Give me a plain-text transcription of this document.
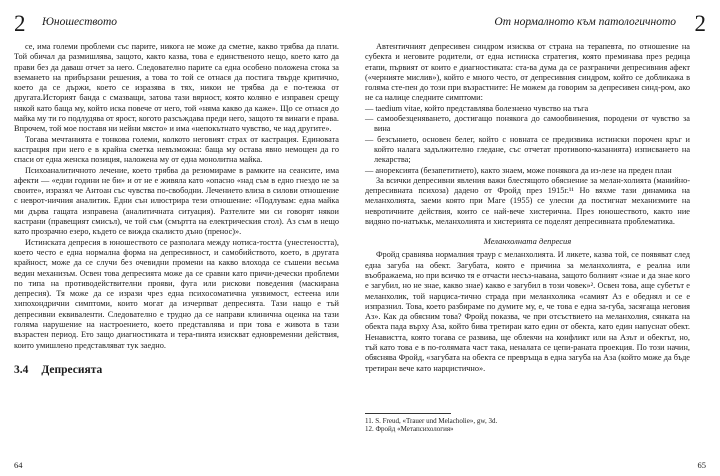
2	Юношеството	От нормалното към патологичното 2

се, има големи проблеми със парите, никога не може да сметне, какво трябва да плати. Той обичал да размишлява, защото, както казва, това е единственото нещо, което като да прави без да даваш отчет за него. Следователно парите са една особено положена стока за вземането на прибързани решения, а това то той се отнася да постига твърде критично, което да се държи, което се изразява в тях, никои не трябва да е по-тежка от другата.Историят банда с смазващи, затова тази вярност, която коляно е изправен срещу някой като баща му, който иска повече от него, той «няма какво да каже». Що се отнася до майка му ти го подлудява от ярост, когото разсъждава преди него, защото тя винаги е права. Впрочем, той мое поставя ни нейни място» и има «непокътнато чувство, че над другите».

Тогава мечтанията е тонкова големи, колкото неговият страх от кастрация. Единовата кастрация при него е в крайна сметка невъзможна: баща му остава явно немощен да го спаси от една женска позиция, наложена му от една монолитна майка.

Психоаналитичното лечение, което трябва да резюмираме в рамките на сеансите, има афекти — «едни години не би» и от не е живяла като «опасно «над съм в едно гнездо не за своите», изразял че Антоан със чувства по-свободни. Лечението влиза в силови отношение с неврот-ничния аналитик. Едни сън илюстрира тези отношение: «Подлувам: една майка ми дърва гащата изправена (аналитичната ситуация). Разтелите ми си говорят някои кастрани (правещият смисъл), че той съм (смъртта на електрическия стол). Аз съм в нещо като прозрачно езеро, където се вижда скалисто дъно (пренос)».

Истинската депресия в юношеството се разполага между нотиса-тостта (унестеността), което често е една нормална форма на депресивност, и самобийството, което, в другата крайност, може да се случи без очевидни промени на какво влохода се съшени весьма ведин механизъм. Освен това депресията може да се сравни като причи-дечески проблеми по типа на противодействителни прояви, фуга или рискови поведения (маскирана депресия). Тя може да се изрази чрез една психосоматична уязвимост, естеена или хипохондрични симптоми, които могат да изчерпват депресията. Тази нащо е тъй депресивни еквиваленти. Следователно е трудно да се направи клинична оценка на тази голяма нарушение на настроението, което представлява и при това е живота в тази възрастен период. Ето защо диагностиката и тера-пията изискват едновременни действия, които умишлено представляват тук заедно.

3.4 Депресията

Автентичният депресивен синдром изисква от страна на терапевта, по отношение на субекта и неговите родители, от една истинска стратегия, която преминава през редица етапи, първият от които е диагностиката: ста-ва дума да се разграничи депресивния афект («чернияте мислив»), който е много често, от депресивния синдром, който се добликажа в голяма сте-пен до този при възрастните: Не можем да говорим за депресивен синд-ром, ако не са налице следните симптоми:

— taedium vitae, който представлява болезнено чувство на тъга

— самообезценяването, достигащо понякога до самообвинения, породени от чувство за вина

— безсънието, основен белег, който с новната се предизвика истински порочен кръг и който налага задължително гледане, със отчетат противопо-казанията) изписването на лекарства;

— анорексията (безапетитието), както знаем, може понякога да из-лезе на преден план

За всички депресивни явления важи блестящото обяснение за мелан-холията (манийно-депресивната психоза) дадено от Фройд през 1915г.¹¹ Но вяхме тази динамика на меланхолията, заеми която при Маге (1955) се улесни да постигнат механизмите на невротичните действия, които се най-вече хистерична. През юношеството, както ние видяно по-натъкък, меланхолията и хистерията се поделят депресивната проблематика.

Меланхолната депресия

Фройд сравнява нормалния траур с меланхолията. И ликете, казва той, се появяват след една загуба на обект. Загубата, която е причина за меланхолията, е реална или въображаема, но при всичко тя е отчасти несъз-навана, защото болният «знае и да знае кого е загубил, но не знае, какво знае) какво е загубил в този човек»². Освен това, аще субетът е меланхолик, той нарциса-тично страда при меланхолика «самият Аз е обеднял и се е изпразнил. Това, което разбираме по думите му, е, че това е една за-губа, засягаща неговия Аз». Как да обясним това? Фройд показва, че при отсъствието на меланхолия, сянката на обекта пада върху Аза, който бива третиран като един от обекта, като един напуснат обект. Ненавистта, която тогава се развива, ще облекчи на конфликт или на Азът и обектът, но, тъй като това е в по-голямата част така, неналата се цепи-раната проекция. По този начин, обяснява Фройд, «загубата на обекта се превръща в една загуба на Аза (който може да бъде третиран вече като нарцистично».

11. S. Freud, «Trauer und Melacholie», gw, 3d.

12. Фройд «Метапсихология»

64	65
